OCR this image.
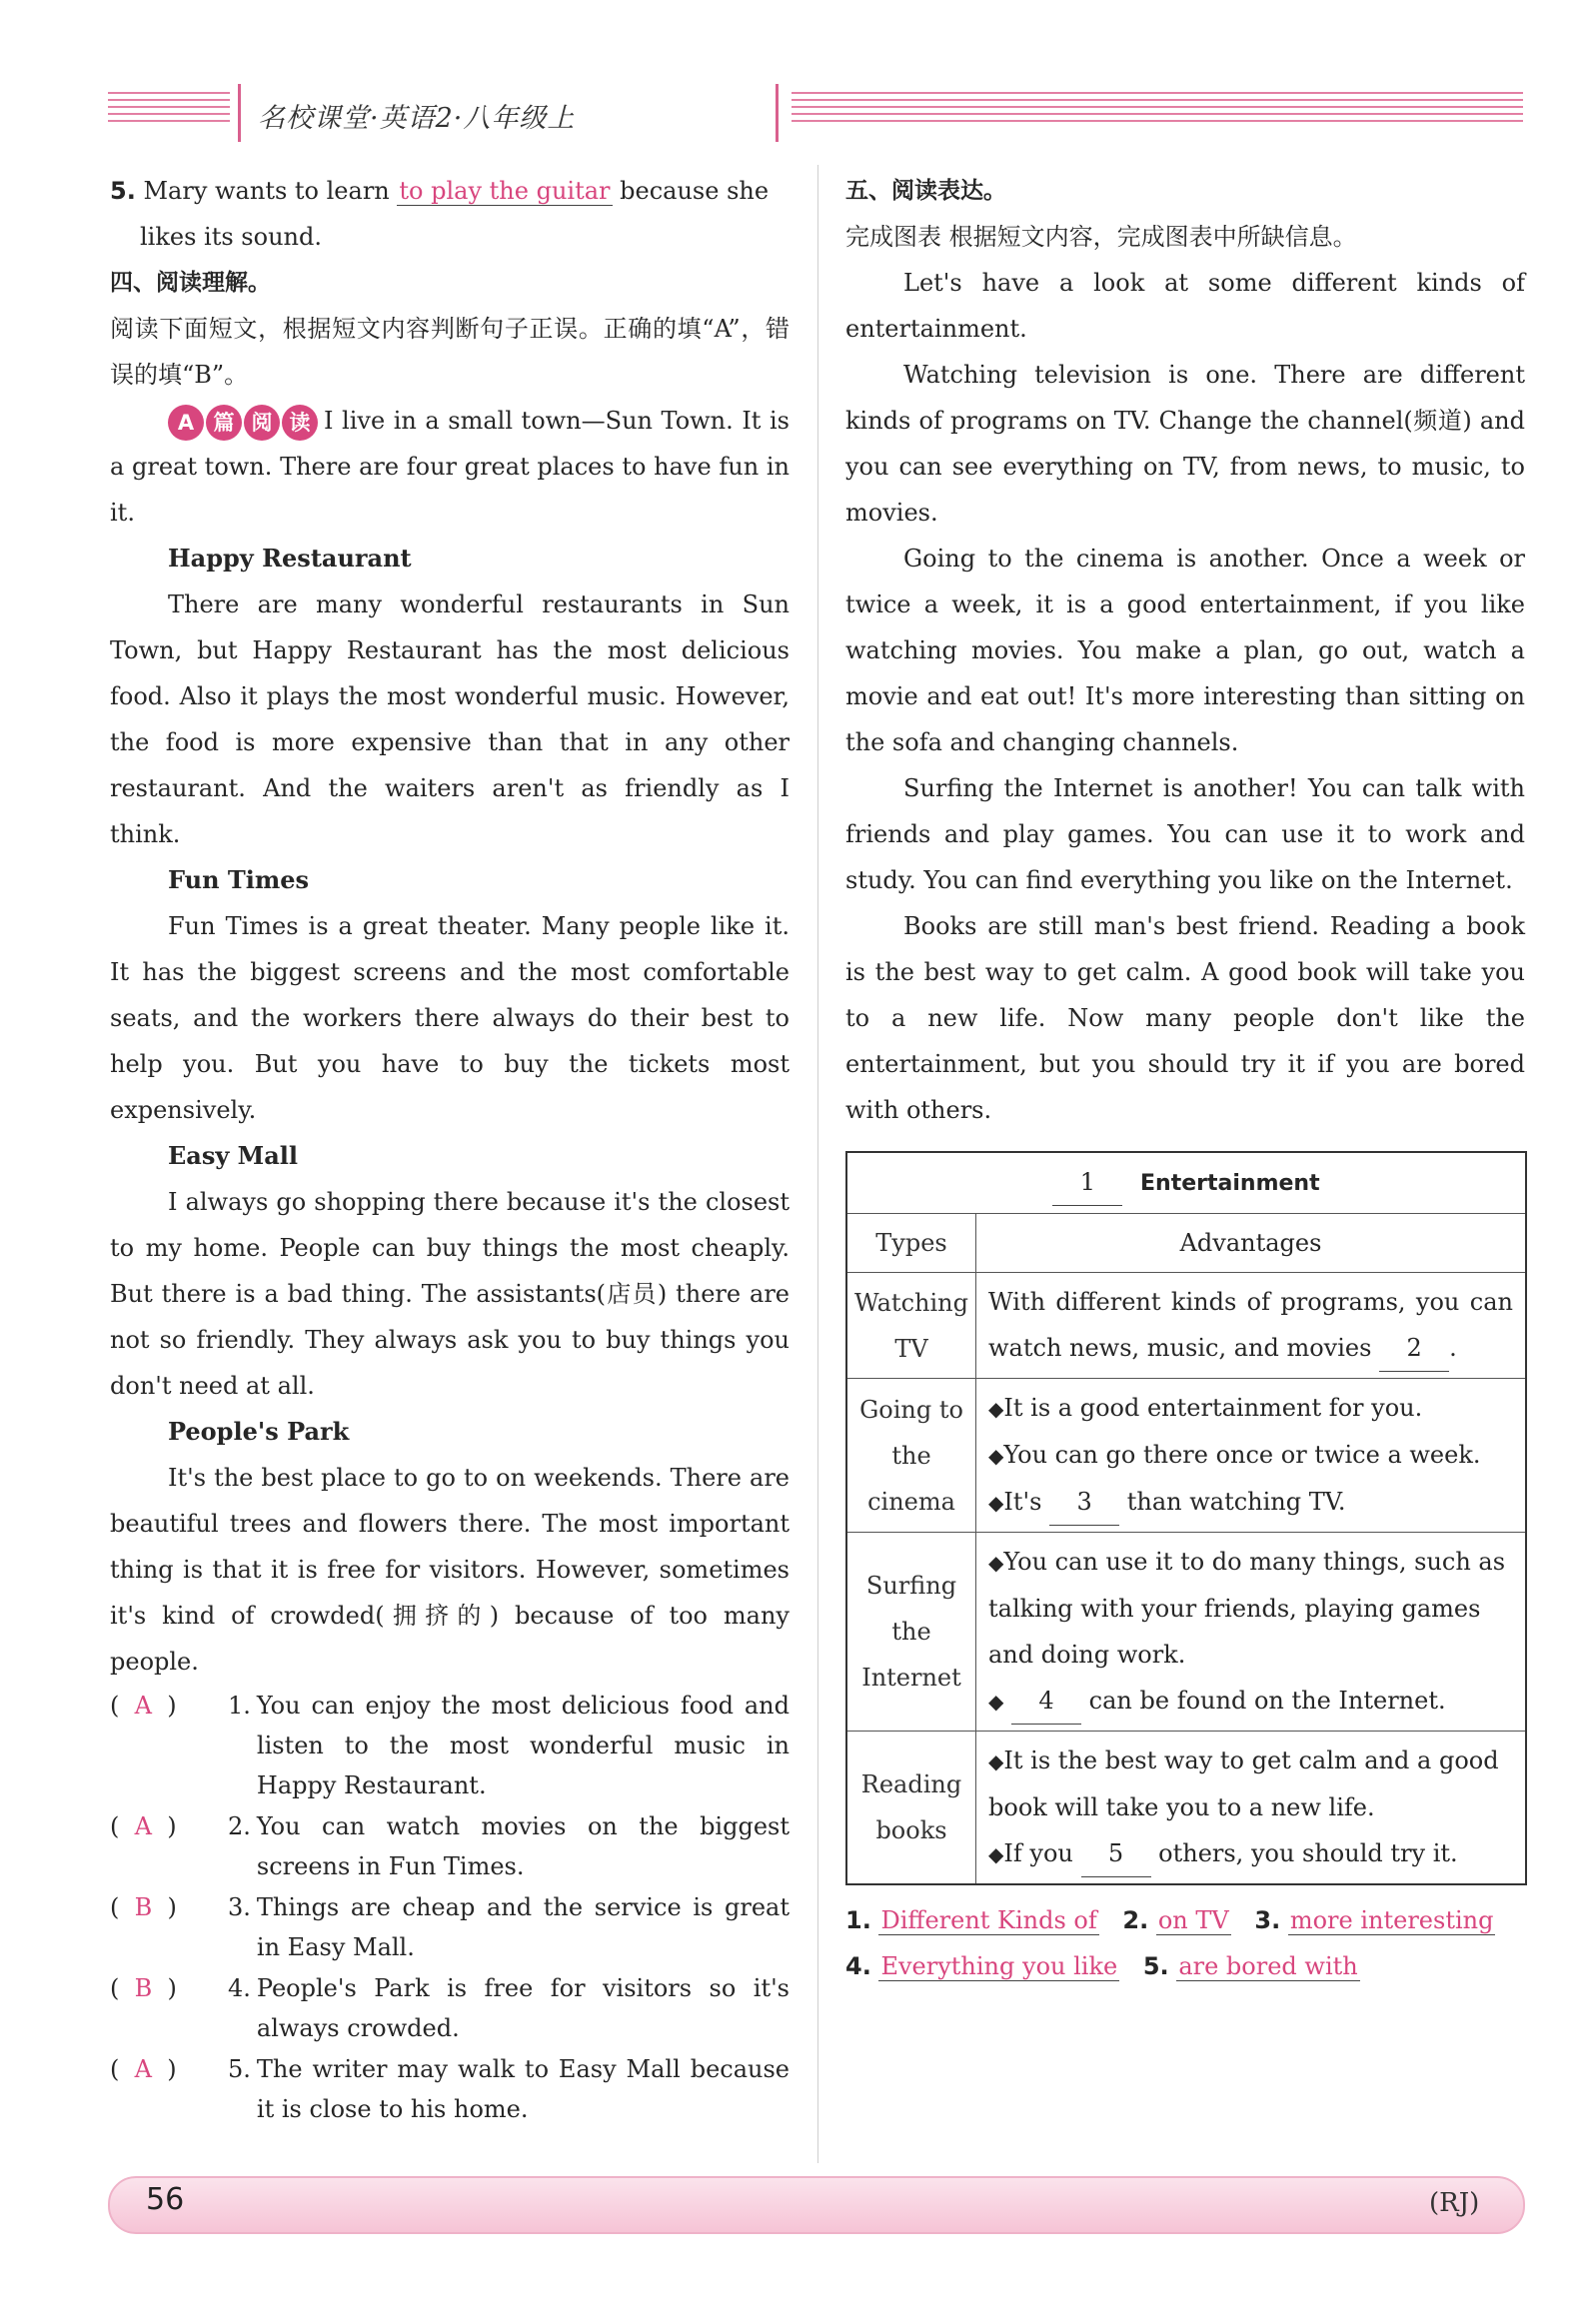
名校课堂·英语2·八年级上

5. Mary wants to learn to play the guitar because she

likes its sound.

四、阅读理解。

阅读下面短文，根据短文内容判断句子正误。正确的填“A”，错误的填“B”。

A 篇 阅 读 I live in a small town—Sun Town. It is a great town. There are four great places to have fun in it.

Happy Restaurant

There are many wonderful restaurants in Sun Town, but Happy Restaurant has the most delicious food. Also it plays the most wonderful music. However, the food is more expensive than that in any other restaurant. And the waiters aren't as friendly as I think.

Fun Times

Fun Times is a great theater. Many people like it. It has the biggest screens and the most comfortable seats, and the workers there always do their best to help you. But you have to buy the tickets most expensively.

Easy Mall

I always go shopping there because it's the closest to my home. People can buy things the most cheaply. But there is a bad thing. The assistants(店员) there are not so friendly. They always ask you to buy things you don't need at all.

People's Park

It's the best place to go to on weekends. There are beautiful trees and flowers there. The most important thing is that it is free for visitors. However, sometimes it's kind of crowded(拥挤的) because of too many people.

(  A  )	1. You can enjoy the most delicious food and listen to the most wonderful music in Happy Restaurant.
(  A  )	2. You can watch movies on the biggest screens in Fun Times.
(  B  )	3. Things are cheap and the service is great in Easy Mall.
(  B  )	4. People's Park is free for visitors so it's always crowded.
(  A  )	5. The writer may walk to Easy Mall because it is close to his home.

五、阅读表达。

完成图表 根据短文内容，完成图表中所缺信息。

Let's have a look at some different kinds of entertainment.

Watching television is one. There are different kinds of programs on TV. Change the channel(频道) and you can see everything on TV, from news, to music, to movies.

Going to the cinema is another. Once a week or twice a week, it is a good entertainment, if you like watching movies. You make a plan, go out, watch a movie and eat out! It's more interesting than sitting on the sofa and changing channels.

Surfing the Internet is another! You can talk with friends and play games. You can use it to work and study. You can find everything you like on the Internet.

Books are still man's best friend. Reading a book is the best way to get calm. A good book will take you to a new life. Now many people don't like the entertainment, but you should try it if you are bored with others.

1 Entertainment	
Types	Advantages
Watching TV	With different kinds of programs, you can watch news, music, and movies 2 .
Going to the cinema	◆It is a good entertainment for you.
◆You can go there once or twice a week.
◆It's 3 than watching TV.

Surfing the Internet	◆You can use it to do many things, such as talking with your friends, playing games and doing work.
◆ 4 can be found on the Internet.

Reading books	◆It is the best way to get calm and a good book will take you to a new life.
◆If you 5 others, you should try it.
1. Different Kinds of 2. on TV 3. more interesting
4. Everything you like 5. are bored with
56	(RJ)
